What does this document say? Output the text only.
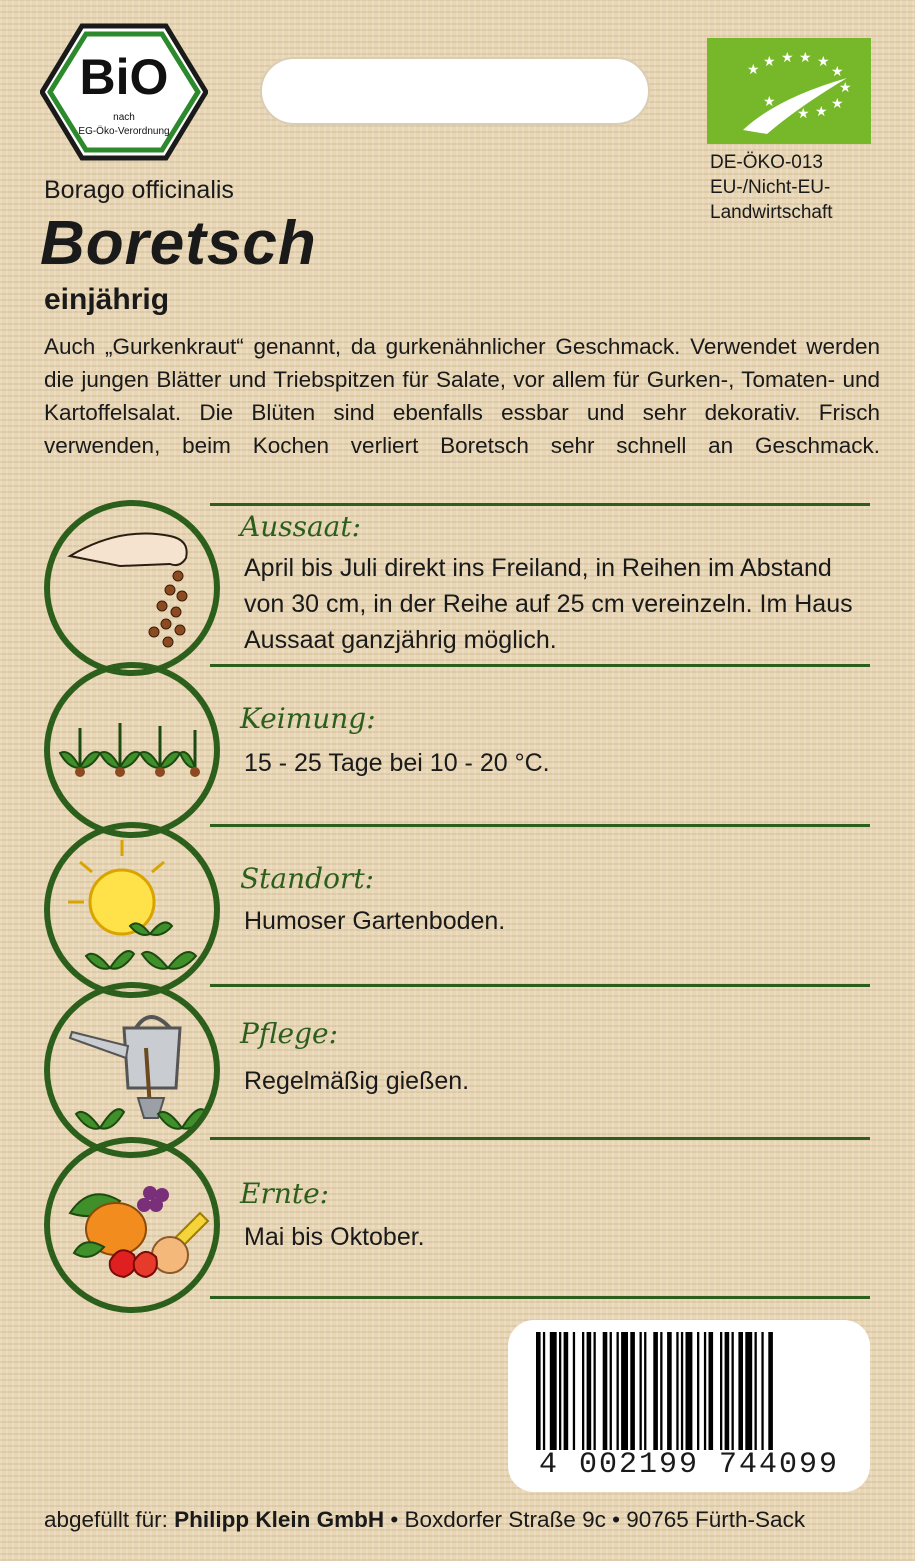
BiO
nach
EG-Öko-Verordnung
★ ★ ★ ★ ★
★
★
★
★
★
★
DE-ÖKO-013
EU-/Nicht-EU-
Landwirtschaft
Borago officinalis
Boretsch
einjährig
Auch „Gurkenkraut“ genannt, da gurkenähnlicher Geschmack. Verwendet werden die jungen Blätter und Triebspitzen für Salate, vor allem für Gurken-, Tomaten- und Kartoffelsalat. Die Blüten sind ebenfalls essbar und sehr dekorativ. Frisch verwenden, beim Kochen verliert Boretsch sehr schnell an Geschmack.
Aussaat:
April bis Juli direkt ins Freiland, in Reihen im Abstand von 30 cm, in der Reihe auf 25 cm vereinzeln. Im Haus Aussaat ganzjährig möglich.
Keimung:
15 - 25 Tage bei 10 - 20 °C.
Standort:
Humoser Gartenboden.
Pflege:
Regelmäßig gießen.
Ernte:
Mai bis Oktober.
4 002199 744099
abgefüllt für: Philipp Klein GmbH • Boxdorfer Straße 9c • 90765 Fürth-Sack
